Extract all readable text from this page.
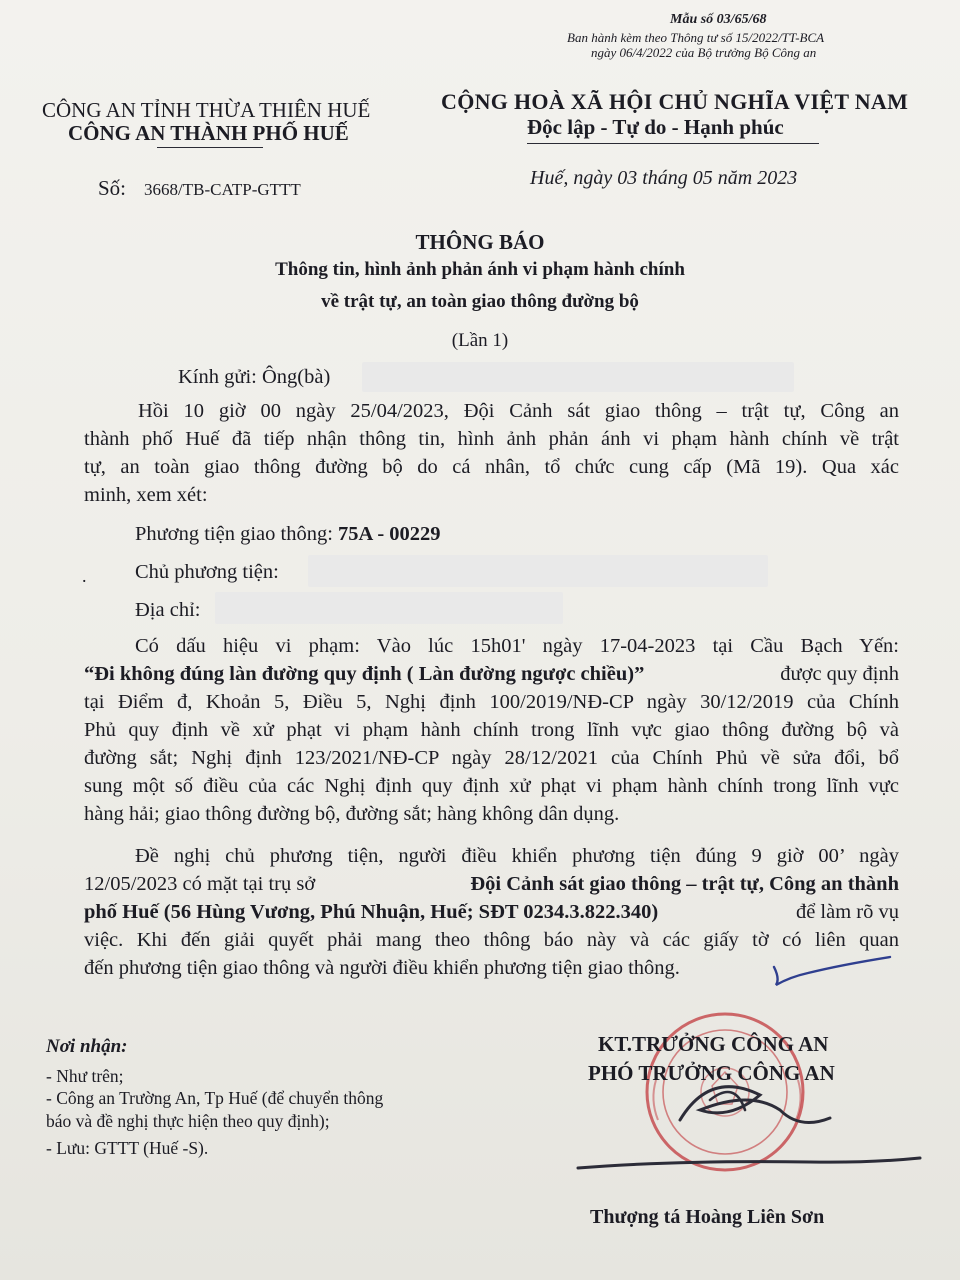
Mẫu số 03/65/68
Ban hành kèm theo Thông tư số 15/2022/TT-BCA
ngày 06/4/2022 của Bộ trưởng Bộ Công an
CÔNG AN TỈNH THỪA THIÊN HUẾ
CÔNG AN THÀNH PHỐ HUẾ
Số: 3668/TB-CATP-GTTT
CỘNG HOÀ XÃ HỘI CHỦ NGHĨA VIỆT NAM
Độc lập - Tự do - Hạnh phúc
Huế, ngày 03 tháng 05 năm 2023
THÔNG BÁO
Thông tin, hình ảnh phản ánh vi phạm hành chính
về trật tự, an toàn giao thông đường bộ
(Lần 1)
Kính gửi: Ông(bà)
Hồi 10 giờ 00 ngày 25/04/2023, Đội Cảnh sát giao thông – trật tự, Công an
thành phố Huế đã tiếp nhận thông tin, hình ảnh phản ánh vi phạm hành chính về trật
tự, an toàn giao thông đường bộ do cá nhân, tổ chức cung cấp (Mã 19). Qua xác
minh, xem xét:
Phương tiện giao thông: 75A - 00229
. Chủ phương tiện:
Địa chỉ:
Có dấu hiệu vi phạm: Vào lúc 15h01' ngày 17-04-2023 tại Cầu Bạch Yến:
“Đi không đúng làn đường quy định ( Làn đường ngược chiều)”	được quy định
tại Điểm đ, Khoản 5, Điều 5, Nghị định 100/2019/NĐ-CP ngày 30/12/2019 của Chính
Phủ quy định về xử phạt vi phạm hành chính trong lĩnh vực giao thông đường bộ và
đường sắt; Nghị định 123/2021/NĐ-CP ngày 28/12/2021 của Chính Phủ về sửa đổi, bổ
sung một số điều của các Nghị định quy định xử phạt vi phạm hành chính trong lĩnh vực
hàng hải; giao thông đường bộ, đường sắt; hàng không dân dụng.
Đề nghị chủ phương tiện, người điều khiển phương tiện đúng 9 giờ 00’ ngày
12/05/2023 có mặt tại trụ sở	Đội Cảnh sát giao thông – trật tự, Công an thành
phố Huế (56 Hùng Vương, Phú Nhuận, Huế; SĐT 0234.3.822.340)	để làm rõ vụ
việc. Khi đến giải quyết phải mang theo thông báo này và các giấy tờ có liên quan
đến phương tiện giao thông và người điều khiển phương tiện giao thông.
Nơi nhận:
- Như trên;
- Công an Trường An, Tp Huế (để chuyển thông
báo và đề nghị thực hiện theo quy định);
- Lưu: GTTT (Huế -S).
KT.TRƯỞNG CÔNG AN
PHÓ TRƯỞNG CÔNG AN
Thượng tá Hoàng Liên Sơn
